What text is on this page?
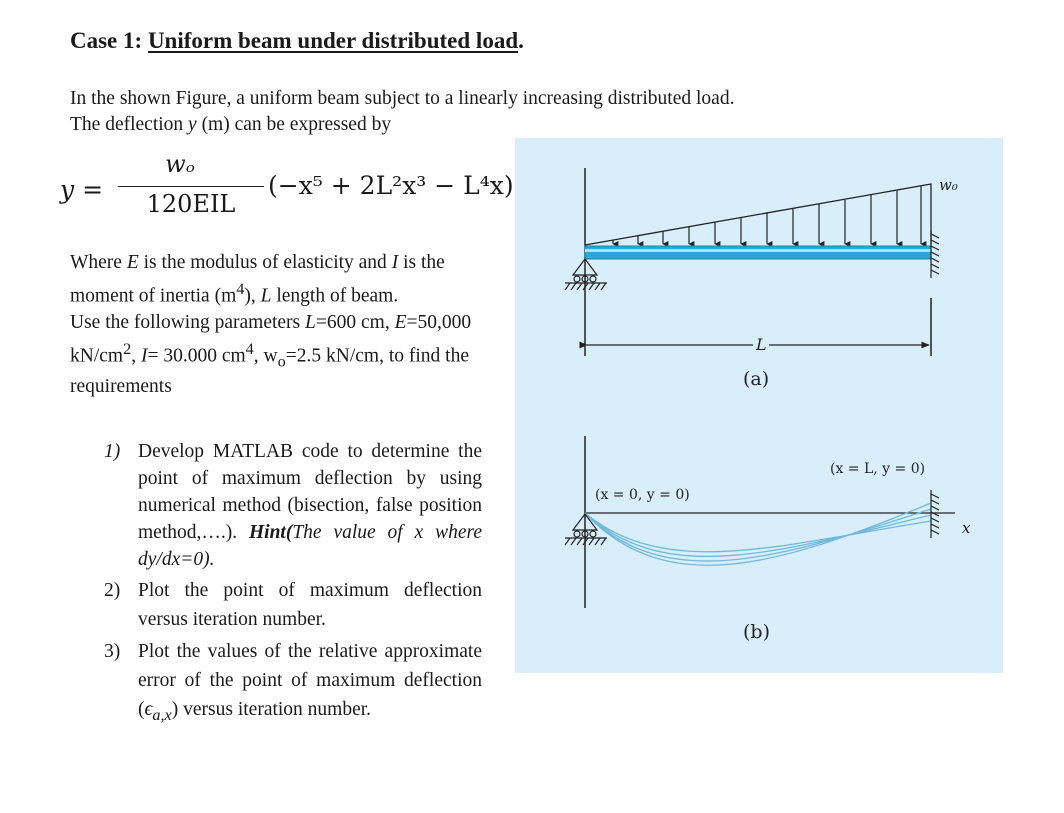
Case 1: Uniform beam under distributed load.
In the shown Figure, a uniform beam subject to a linearly increasing distributed load.
The deflection y (m) can be expressed by
y =
wₒ
120EIL
(−x⁵ + 2L²x³ − L⁴x)
Where E is the modulus of elasticity and I is the moment of inertia $(m^4)$, L length of beam.
Use the following parameters L=600 cm, E=50,000 $kN/cm^2$, I= 30.000 $cm^4$, $w_o=2.5$ kN/cm, to find the requirements
1) Develop MATLAB code to determine the point of maximum deflection by using numerical method (bisection, false position method,….). Hint(The value of x where dy/dx=0).
2) Plot the point of maximum deflection versus iteration number.
3) Plot the values of the relative approximate error of the point of maximum deflection $(\epsilon_{a,x})$ versus iteration number.
w₀
L
(a)
(x = 0, y = 0)
(x = L, y = 0)
x
(b)
